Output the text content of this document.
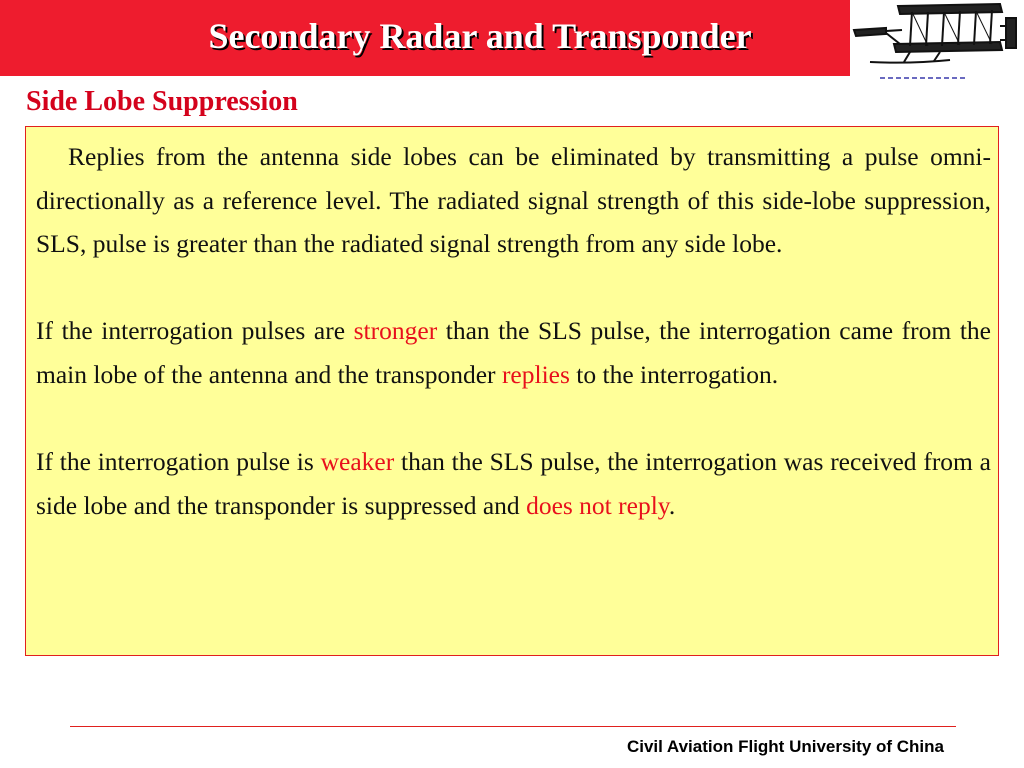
Secondary Radar and Transponder
Side Lobe Suppression

Replies from the antenna side lobes can be eliminated by transmitting a pulse omni-directionally as a reference level. The radiated signal strength of this side-lobe suppression, SLS, pulse is greater than the radiated signal strength from any side lobe.

If the interrogation pulses are stronger than the SLS pulse, the interrogation came from the main lobe of the antenna and the transponder replies to the interrogation.

If the interrogation pulse is weaker than the SLS pulse, the interrogation was received from a side lobe and the transponder is suppressed and does not reply.

Civil Aviation Flight University of China
